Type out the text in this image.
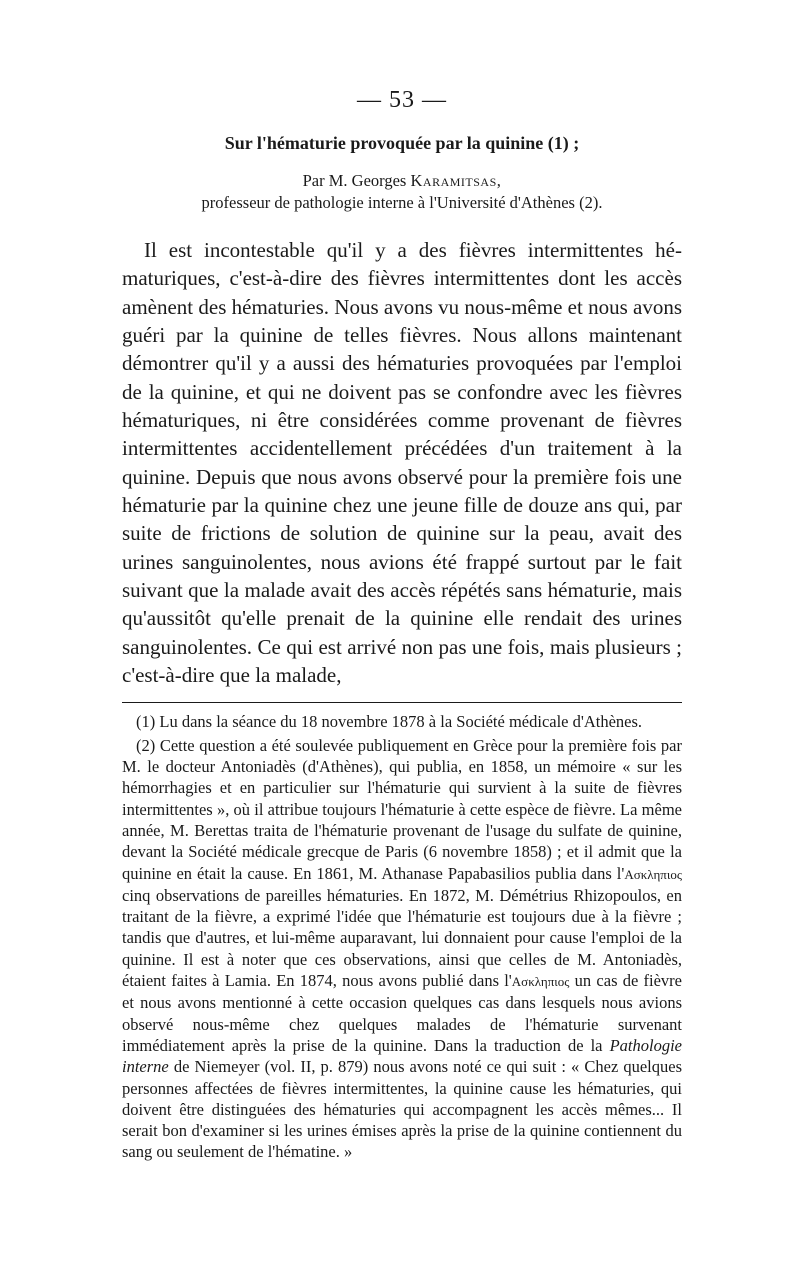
— 53 —
Sur l'hématurie provoquée par la quinine (1) ;

Par M. Georges Karamitsas,

professeur de pathologie interne à l'Université d'Athènes (2).

Il est incontestable qu'il y a des fièvres intermittentes hématuriques, c'est-à-dire des fièvres intermittentes dont les accès amènent des hématuries. Nous avons vu nous-même et nous avons guéri par la quinine de telles fièvres. Nous allons maintenant démontrer qu'il y a aussi des hématuries provoquées par l'emploi de la quinine, et qui ne doivent pas se confondre avec les fièvres hématuriques, ni être considérées comme provenant de fièvres intermittentes accidentellement précédées d'un traitement à la quinine. Depuis que nous avons observé pour la première fois une hématurie par la quinine chez une jeune fille de douze ans qui, par suite de frictions de solution de quinine sur la peau, avait des urines sanguinolentes, nous avions été frappé surtout par le fait suivant que la malade avait des accès répétés sans hématurie, mais qu'aussitôt qu'elle prenait de la quinine elle rendait des urines sanguinolentes. Ce qui est arrivé non pas une fois, mais plusieurs ; c'est-à-dire que la malade,

(1) Lu dans la séance du 18 novembre 1878 à la Société médicale d'Athènes.

(2) Cette question a été soulevée publiquement en Grèce pour la première fois par M. le docteur Antoniadès (d'Athènes), qui publia, en 1858, un mémoire « sur les hémorrhagies et en particulier sur l'hématurie qui survient à la suite de fièvres intermittentes », où il attribue toujours l'hématurie à cette espèce de fièvre. La même année, M. Berettas traita de l'hématurie provenant de l'usage du sulfate de quinine, devant la Société médicale grecque de Paris (6 novembre 1858) ; et il admit que la quinine en était la cause. En 1861, M. Athanase Papabasilios publia dans l'Ασκληπιος cinq observations de pareilles hématuries. En 1872, M. Démétrius Rhizopoulos, en traitant de la fièvre, a exprimé l'idée que l'hématurie est toujours due à la fièvre ; tandis que d'autres, et lui-même auparavant, lui donnaient pour cause l'emploi de la quinine. Il est à noter que ces observations, ainsi que celles de M. Antoniadès, étaient faites à Lamia. En 1874, nous avons publié dans l'Ασκληπιος un cas de fièvre et nous avons mentionné à cette occasion quelques cas dans lesquels nous avions observé nous-même chez quelques malades de l'hématurie survenant immédiatement après la prise de la quinine. Dans la traduction de la Pathologie interne de Niemeyer (vol. II, p. 879) nous avons noté ce qui suit : « Chez quelques personnes affectées de fièvres intermittentes, la quinine cause les hématuries, qui doivent être distinguées des hématuries qui accompagnent les accès mêmes... Il serait bon d'examiner si les urines émises après la prise de la quinine contiennent du sang ou seulement de l'hématine. »
